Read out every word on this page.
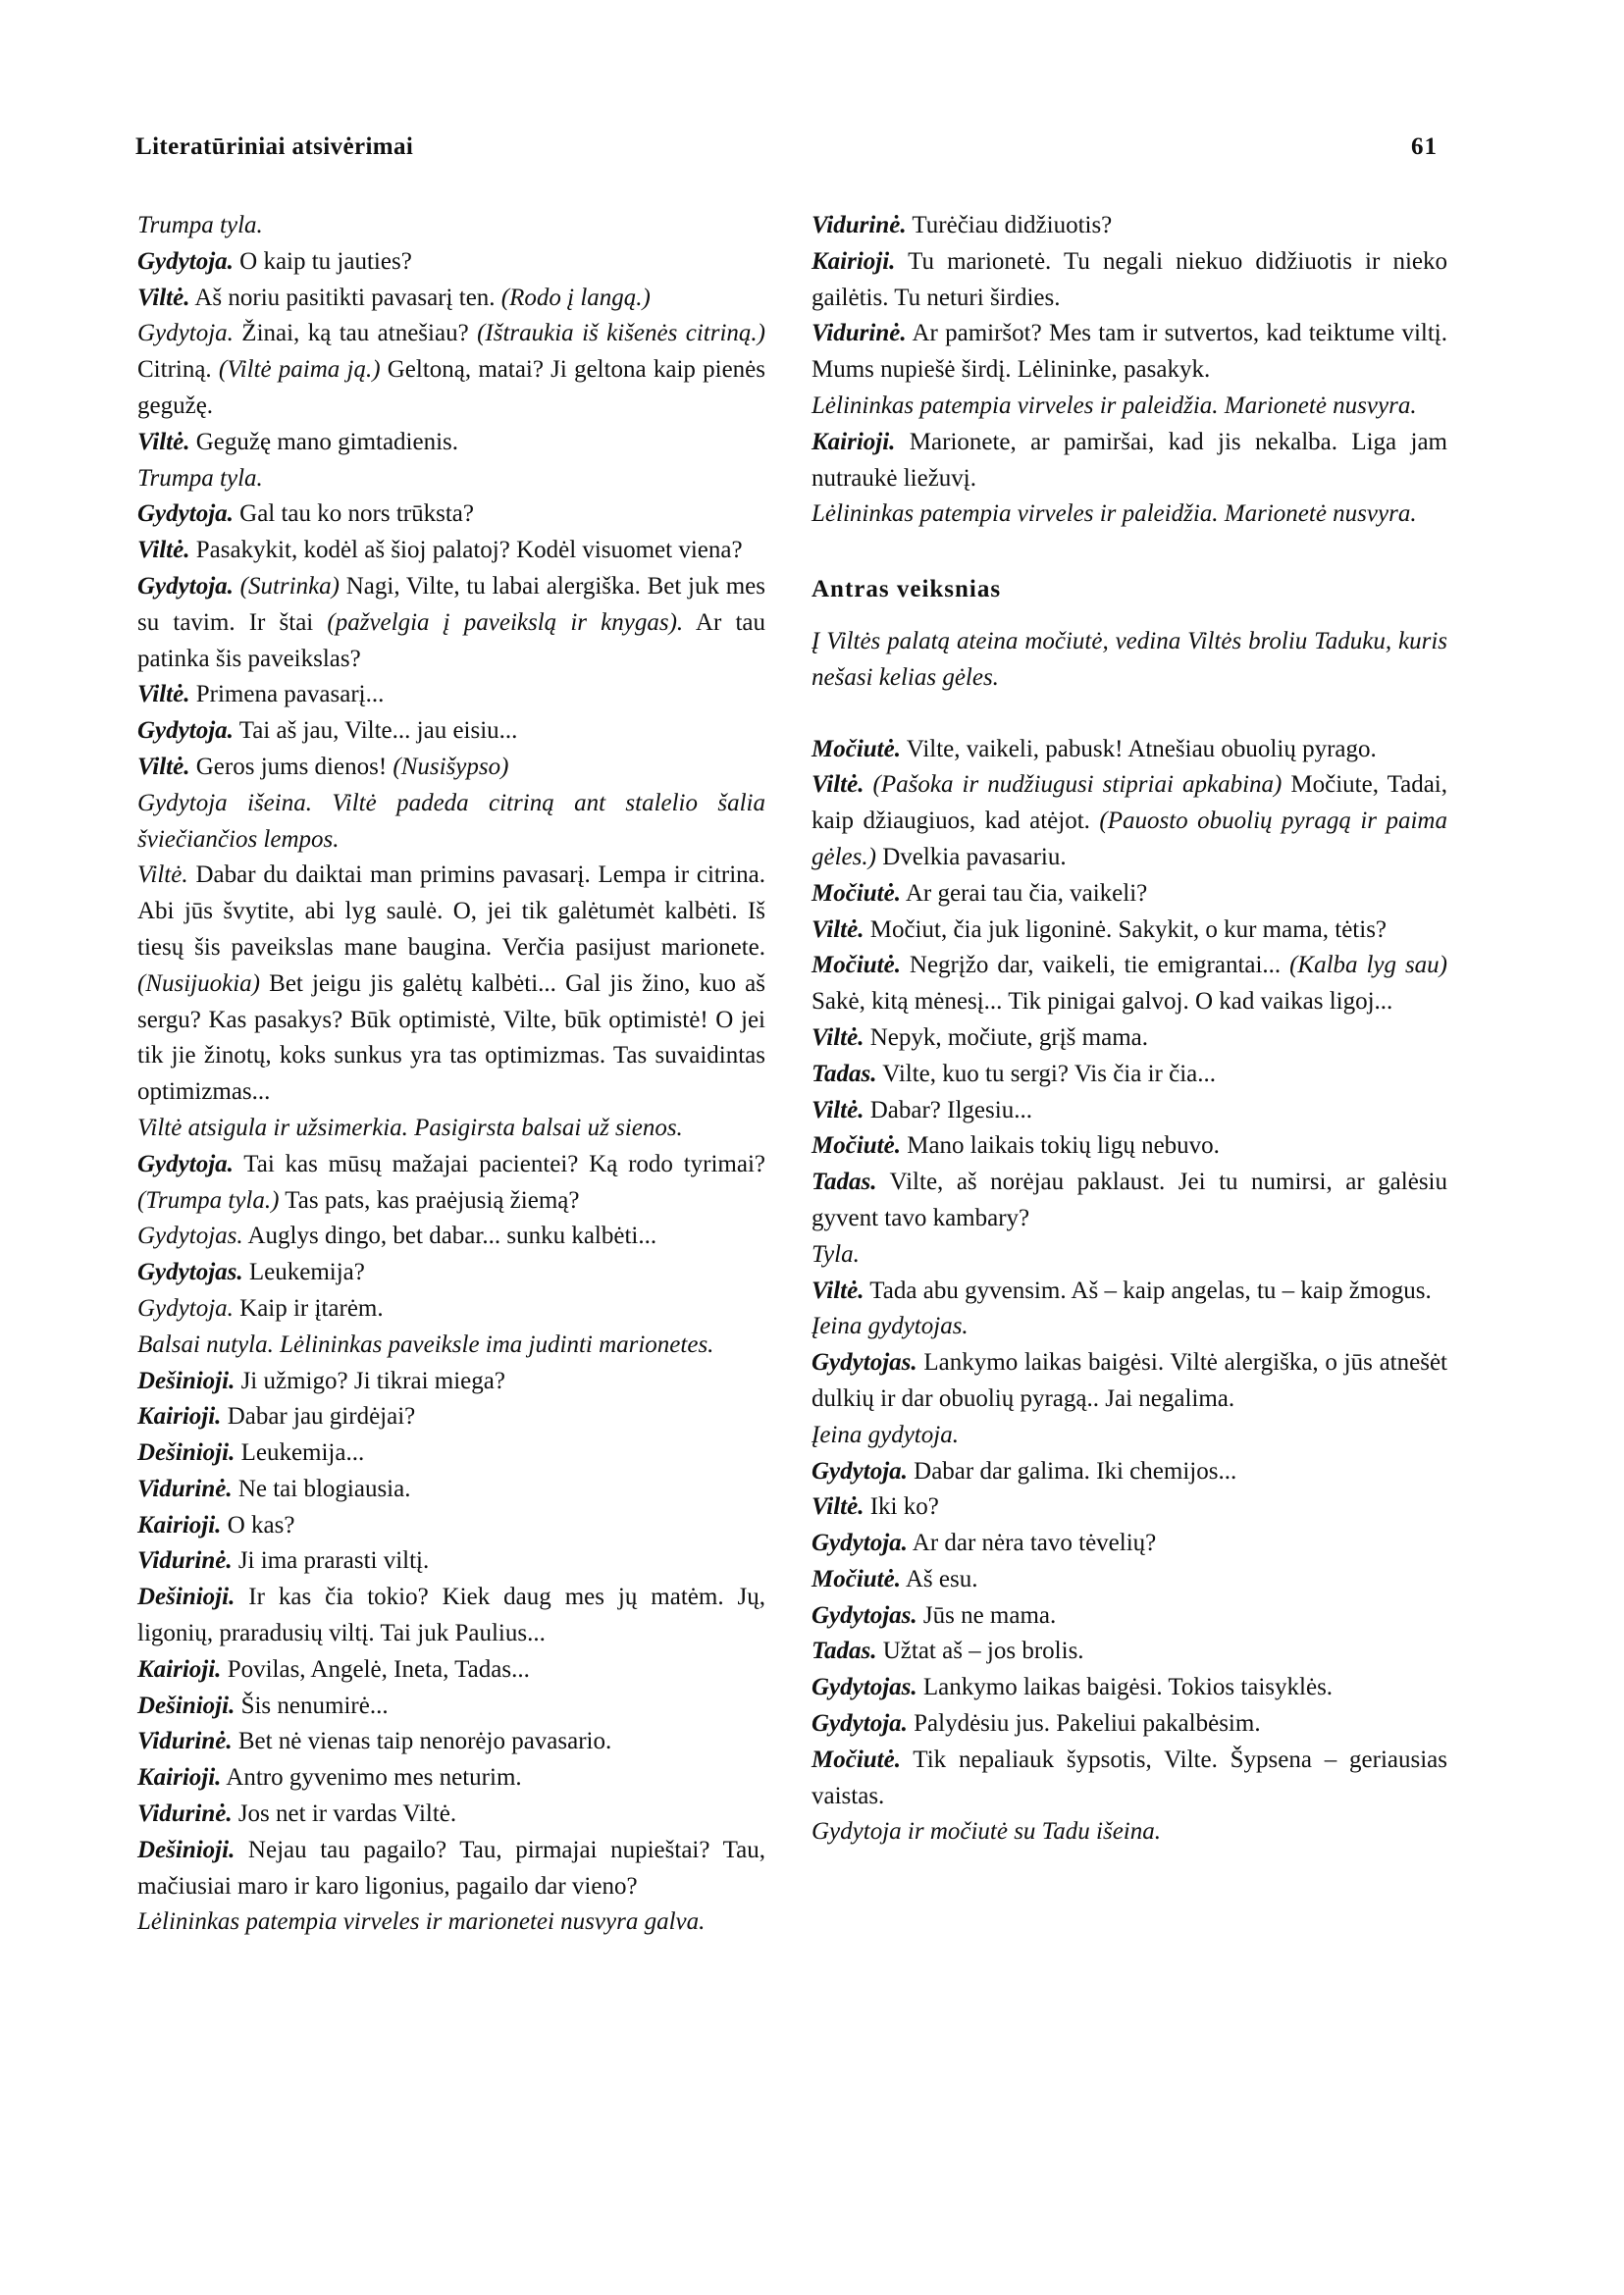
Literatūriniai atsivėrimai	61

Trumpa tyla.

Gydytoja. O kaip tu jauties?

Viltė. Aš noriu pasitikti pavasarį ten. (Rodo į langą.)

Gydytoja. Žinai, ką tau atnešiau? (Ištraukia iš kišenės citriną.) Citriną. (Viltė paima ją.) Geltoną, matai? Ji geltona kaip pienės gegužę.

Viltė. Gegužę mano gimtadienis.

Trumpa tyla.

Gydytoja. Gal tau ko nors trūksta?

Viltė. Pasakykit, kodėl aš šioj palatoj? Kodėl visuomet viena?

Gydytoja. (Sutrinka) Nagi, Vilte, tu labai alergiška. Bet juk mes su tavim. Ir štai (pažvelgia į paveikslą ir knygas). Ar tau patinka šis paveikslas?

Viltė. Primena pavasarį...

Gydytoja. Tai aš jau, Vilte... jau eisiu...

Viltė. Geros jums dienos! (Nusišypso)

Gydytoja išeina. Viltė padeda citriną ant stalelio šalia šviečiančios lempos.

Viltė. Dabar du daiktai man primins pavasarį. Lempa ir citrina. Abi jūs švytite, abi lyg saulė. O, jei tik galėtumėt kalbėti. Iš tiesų šis paveikslas mane baugina. Verčia pasijust marionete. (Nusijuokia) Bet jeigu jis galėtų kalbėti... Gal jis žino, kuo aš sergu? Kas pasakys? Būk optimistė, Vilte, būk optimistė! O jei tik jie žinotų, koks sunkus yra tas optimizmas. Tas suvaidintas optimizmas...

Viltė atsigula ir užsimerkia. Pasigirsta balsai už sienos.

Gydytoja. Tai kas mūsų mažajai pacientei? Ką rodo tyrimai? (Trumpa tyla.) Tas pats, kas praėjusią žiemą?

Gydytojas. Auglys dingo, bet dabar... sunku kalbėti...

Gydytojas. Leukemija?

Gydytoja. Kaip ir įtarėm.

Balsai nutyla. Lėlininkas paveiksle ima judinti marionetes.

Dešinioji. Ji užmigo? Ji tikrai miega?

Kairioji. Dabar jau girdėjai?

Dešinioji. Leukemija...

Vidurinė. Ne tai blogiausia.

Kairioji. O kas?

Vidurinė. Ji ima prarasti viltį.

Dešinioji. Ir kas čia tokio? Kiek daug mes jų matėm. Jų, ligonių, praradusių viltį. Tai juk Paulius...

Kairioji. Povilas, Angelė, Ineta, Tadas...

Dešinioji. Šis nenumirė...

Vidurinė. Bet nė vienas taip nenorėjo pavasario.

Kairioji. Antro gyvenimo mes neturim.

Vidurinė. Jos net ir vardas Viltė.

Dešinioji. Nejau tau pagailo? Tau, pirmajai nupieštai? Tau, mačiusiai maro ir karo ligonius, pagailo dar vieno?

Lėlininkas patempia virveles ir marionetei nusvyra galva.

Vidurinė. Turėčiau didžiuotis?

Kairioji. Tu marionetė. Tu negali niekuo didžiuotis ir nieko gailėtis. Tu neturi širdies.

Vidurinė. Ar pamiršot? Mes tam ir sutvertos, kad teiktume viltį. Mums nupiešė širdį. Lėlininke, pasakyk.

Lėlininkas patempia virveles ir paleidžia. Marionetė nusvyra.

Kairioji. Marionete, ar pamiršai, kad jis nekalba. Liga jam nutraukė liežuvį.

Lėlininkas patempia virveles ir paleidžia. Marionetė nusvyra.

Antras veiksnias

Į Viltės palatą ateina močiutė, vedina Viltės broliu Taduku, kuris nešasi kelias gėles.

Močiutė. Vilte, vaikeli, pabusk! Atnešiau obuolių pyrago.

Viltė. (Pašoka ir nudžiugusi stipriai apkabina) Močiute, Tadai, kaip džiaugiuos, kad atėjot. (Pauosto obuolių pyragą ir paima gėles.) Dvelkia pavasariu.

Močiutė. Ar gerai tau čia, vaikeli?

Viltė. Močiut, čia juk ligoninė. Sakykit, o kur mama, tėtis?

Močiutė. Negrįžo dar, vaikeli, tie emigrantai... (Kalba lyg sau) Sakė, kitą mėnesį... Tik pinigai galvoj. O kad vaikas ligoj...

Viltė. Nepyk, močiute, grįš mama.

Tadas. Vilte, kuo tu sergi? Vis čia ir čia...

Viltė. Dabar? Ilgesiu...

Močiutė. Mano laikais tokių ligų nebuvo.

Tadas. Vilte, aš norėjau paklaust. Jei tu numirsi, ar galėsiu gyvent tavo kambary?

Tyla.

Viltė. Tada abu gyvensim. Aš – kaip angelas, tu – kaip žmogus.

Įeina gydytojas.

Gydytojas. Lankymo laikas baigėsi. Viltė alergiška, o jūs atnešėt dulkių ir dar obuolių pyragą.. Jai negalima.

Įeina gydytoja.

Gydytoja. Dabar dar galima. Iki chemijos...

Viltė. Iki ko?

Gydytoja. Ar dar nėra tavo tėvelių?

Močiutė. Aš esu.

Gydytojas. Jūs ne mama.

Tadas. Užtat aš – jos brolis.

Gydytojas. Lankymo laikas baigėsi. Tokios taisyklės.

Gydytoja. Palydėsiu jus. Pakeliui pakalbėsim.

Močiutė. Tik nepaliauk šypsotis, Vilte. Šypsena – geriausias vaistas.

Gydytoja ir močiutė su Tadu išeina.
